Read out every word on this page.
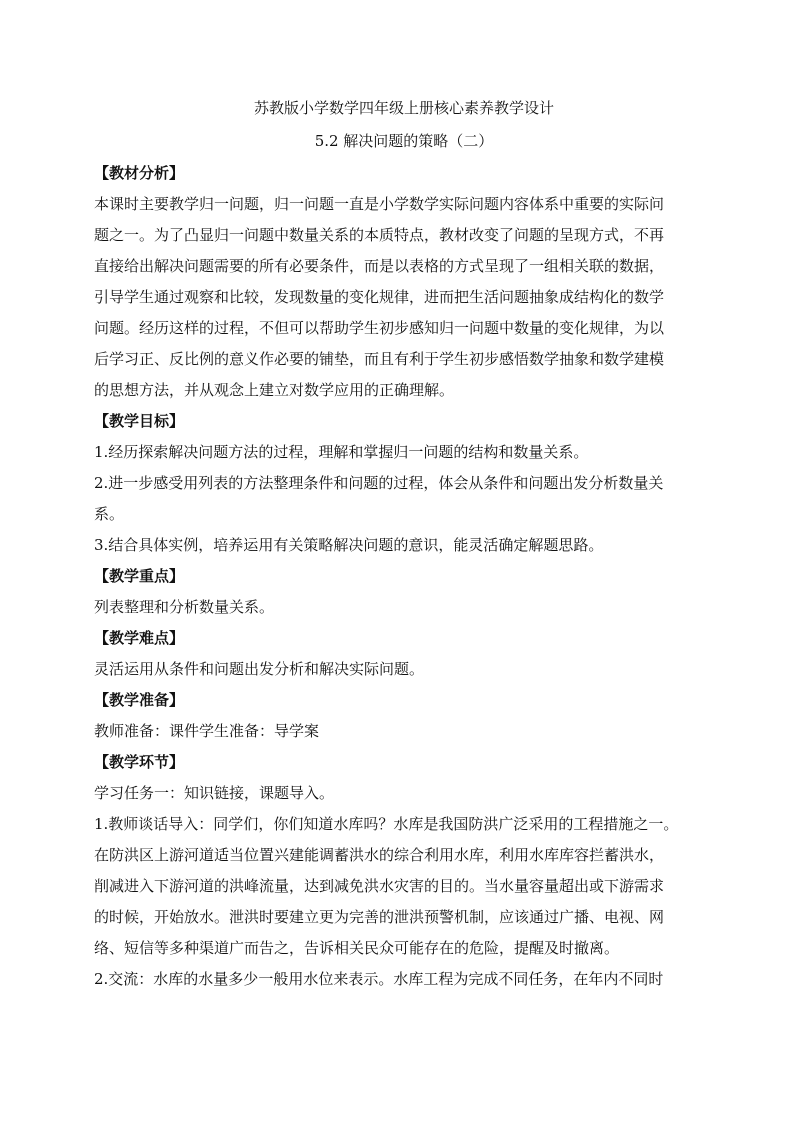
苏教版小学数学四年级上册核心素养教学设计
5.2 解决问题的策略（二）
【教材分析】
本课时主要教学归一问题，归一问题一直是小学数学实际问题内容体系中重要的实际问
题之一。为了凸显归一问题中数量关系的本质特点，教材改变了问题的呈现方式，不再
直接给出解决问题需要的所有必要条件，而是以表格的方式呈现了一组相关联的数据，
引导学生通过观察和比较，发现数量的变化规律，进而把生活问题抽象成结构化的数学
问题。经历这样的过程，不但可以帮助学生初步感知归一问题中数量的变化规律，为以
后学习正、反比例的意义作必要的铺垫，而且有利于学生初步感悟数学抽象和数学建模
的思想方法，并从观念上建立对数学应用的正确理解。
【教学目标】
1.经历探索解决问题方法的过程，理解和掌握归一问题的结构和数量关系。
2.进一步感受用列表的方法整理条件和问题的过程，体会从条件和问题出发分析数量关
系。
3.结合具体实例，培养运用有关策略解决问题的意识，能灵活确定解题思路。
【教学重点】
列表整理和分析数量关系。
【教学难点】
灵活运用从条件和问题出发分析和解决实际问题。
【教学准备】
教师准备：课件学生准备：导学案
【教学环节】
学习任务一：知识链接，课题导入。
1.教师谈话导入：同学们，你们知道水库吗？水库是我国防洪广泛采用的工程措施之一。
在防洪区上游河道适当位置兴建能调蓄洪水的综合利用水库，利用水库库容拦蓄洪水，
削减进入下游河道的洪峰流量，达到减免洪水灾害的目的。当水量容量超出或下游需求
的时候，开始放水。泄洪时要建立更为完善的泄洪预警机制，应该通过广播、电视、网
络、短信等多种渠道广而告之，告诉相关民众可能存在的危险，提醒及时撤离。
2.交流：水库的水量多少一般用水位来表示。水库工程为完成不同任务，在年内不同时
